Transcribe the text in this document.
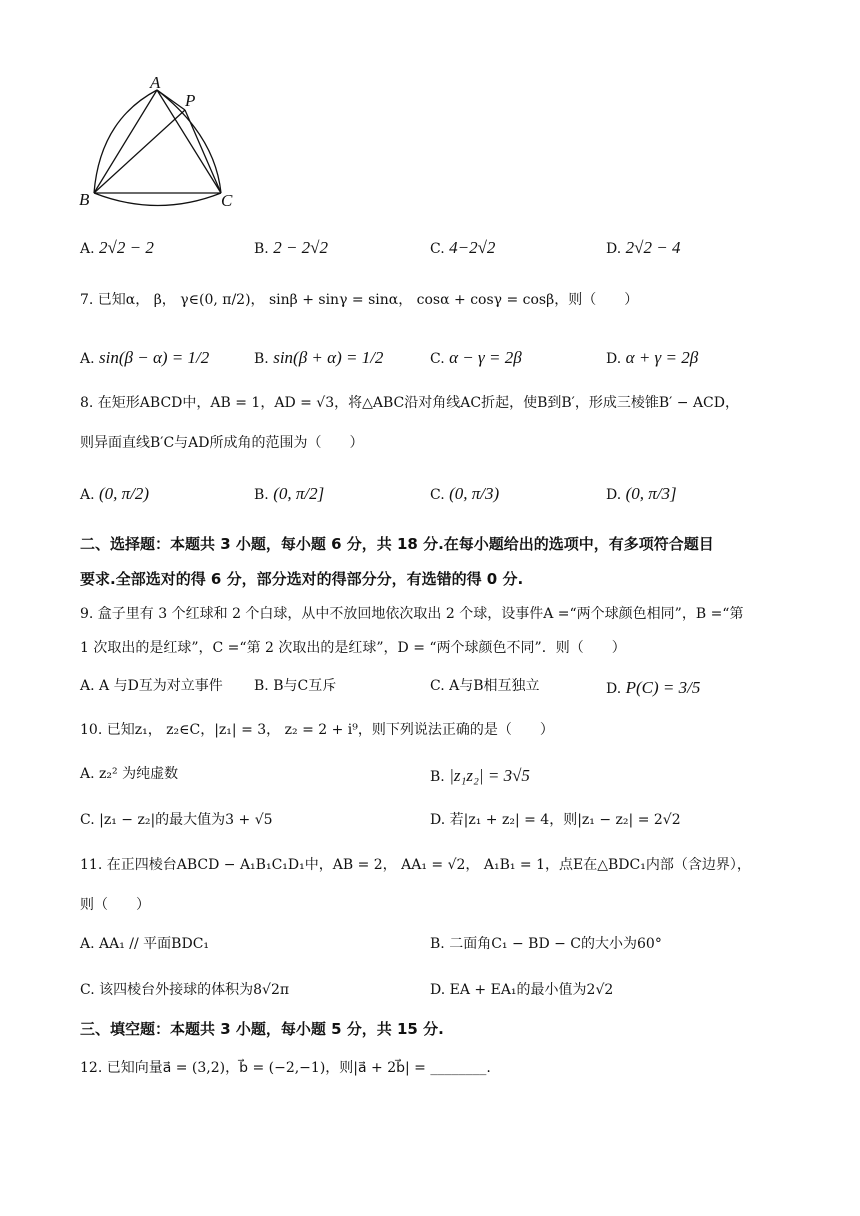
A
P
B	C
A. 2√2 − 2	B. 2 − 2√2	C. 4−2√2	D. 2√2 − 4
7. 已知α， β， γ∈(0, π/2)， sinβ + sinγ = sinα， cosα + cosγ = cosβ，则（　　）
A. sin(β − α) = 1/2	B. sin(β + α) = 1/2	C. α − γ = 2β	D. α + γ = 2β
8. 在矩形ABCD中，AB = 1，AD = √3，将△ABC沿对角线AC折起，使B到B′，形成三棱锥B′ − ACD，
则异面直线B′C与AD所成角的范围为（　　）
A. (0, π/2)	B. (0, π/2]	C. (0, π/3)	D. (0, π/3]
二、选择题：本题共 3 小题，每小题 6 分，共 18 分.在每小题给出的选项中，有多项符合题目
要求.全部选对的得 6 分，部分选对的得部分分，有选错的得 0 分.
9. 盒子里有 3 个红球和 2 个白球，从中不放回地依次取出 2 个球，设事件A =“两个球颜色相同”，B =“第
1 次取出的是红球”，C =“第 2 次取出的是红球”，D = “两个球颜色不同”．则（　　）
A. A 与D互为对立事件 B. B与C互斥	C. A与B相互独立	D. P(C) = 3/5
10. 已知z₁， z₂∈C，|z₁| = 3， z₂ = 2 + i⁹，则下列说法正确的是（　　）
A. z₂² 为纯虚数	B. |z₁z₂| = 3√5
C. |z₁ − z₂|的最大值为3 + √5	D. 若|z₁ + z₂| = 4，则|z₁ − z₂| = 2√2
11. 在正四棱台ABCD − A₁B₁C₁D₁中，AB = 2， AA₁ = √2， A₁B₁ = 1，点E在△BDC₁内部（含边界），
则（　　）
A. AA₁ // 平面BDC₁	B. 二面角C₁ − BD − C的大小为60°
C. 该四棱台外接球的体积为8√2π	D. EA + EA₁的最小值为2√2
三、填空题：本题共 3 小题，每小题 5 分，共 15 分.
12. 已知向量a⃗ = (3,2)，b⃗ = (−2,−1)，则|a⃗ + 2b⃗| = ________.
